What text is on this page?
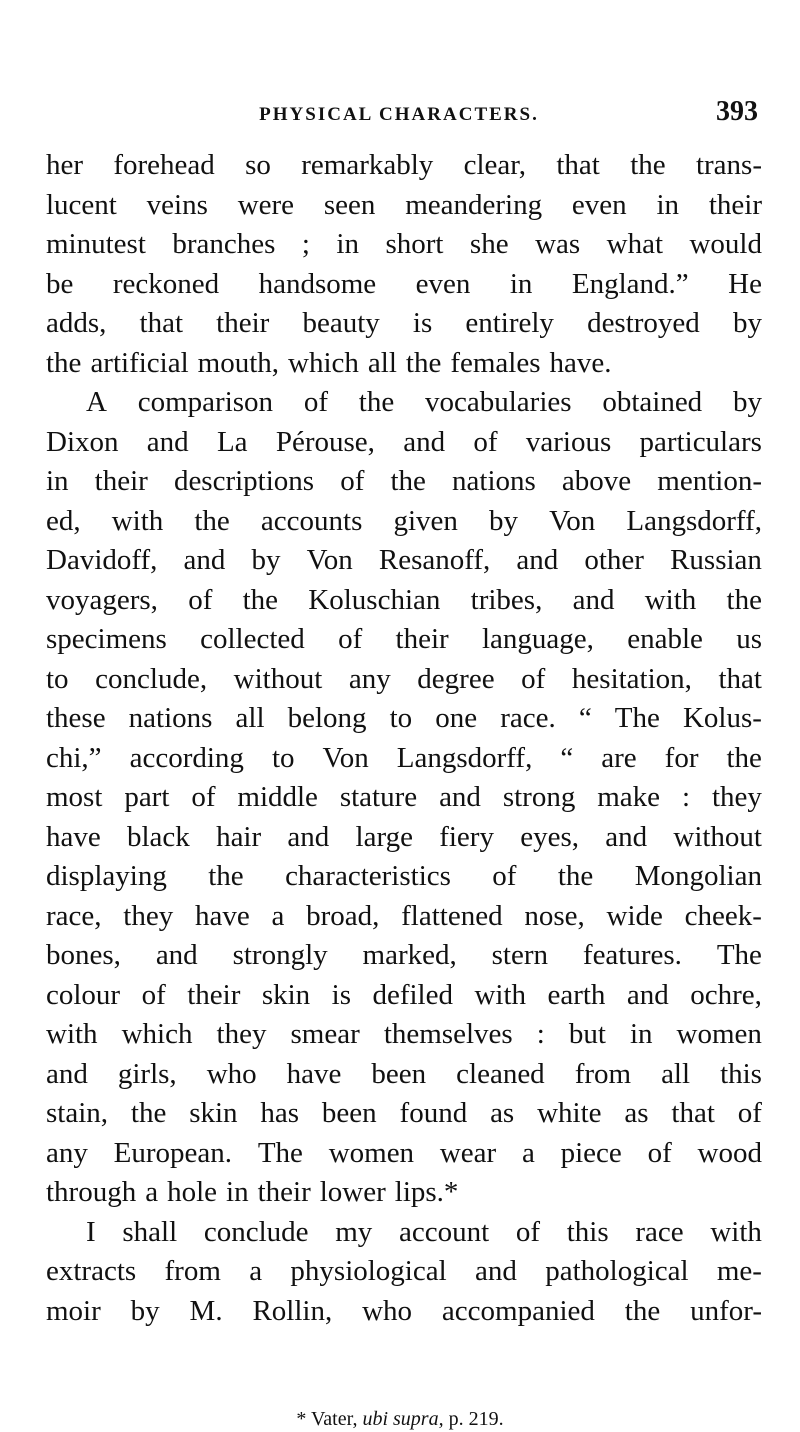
PHYSICAL CHARACTERS.	393
her forehead so remarkably clear, that the trans-
lucent veins were seen meandering even in their
minutest branches ; in short she was what would
be reckoned handsome even in England.” He
adds, that their beauty is entirely destroyed by
the artificial mouth, which all the females have.
A comparison of the vocabularies obtained by
Dixon and La Pérouse, and of various particulars
in their descriptions of the nations above mention-
ed, with the accounts given by Von Langsdorff,
Davidoff, and by Von Resanoff, and other Russian
voyagers, of the Koluschian tribes, and with the
specimens collected of their language, enable us
to conclude, without any degree of hesitation, that
these nations all belong to one race. “ The Kolus-
chi,” according to Von Langsdorff, “ are for the
most part of middle stature and strong make : they
have black hair and large fiery eyes, and without
displaying the characteristics of the Mongolian
race, they have a broad, flattened nose, wide cheek-
bones, and strongly marked, stern features. The
colour of their skin is defiled with earth and ochre,
with which they smear themselves : but in women
and girls, who have been cleaned from all this
stain, the skin has been found as white as that of
any European. The women wear a piece of wood
through a hole in their lower lips.*
I shall conclude my account of this race with
extracts from a physiological and pathological me-
moir by M. Rollin, who accompanied the unfor-
* Vater, ubi supra, p. 219.
